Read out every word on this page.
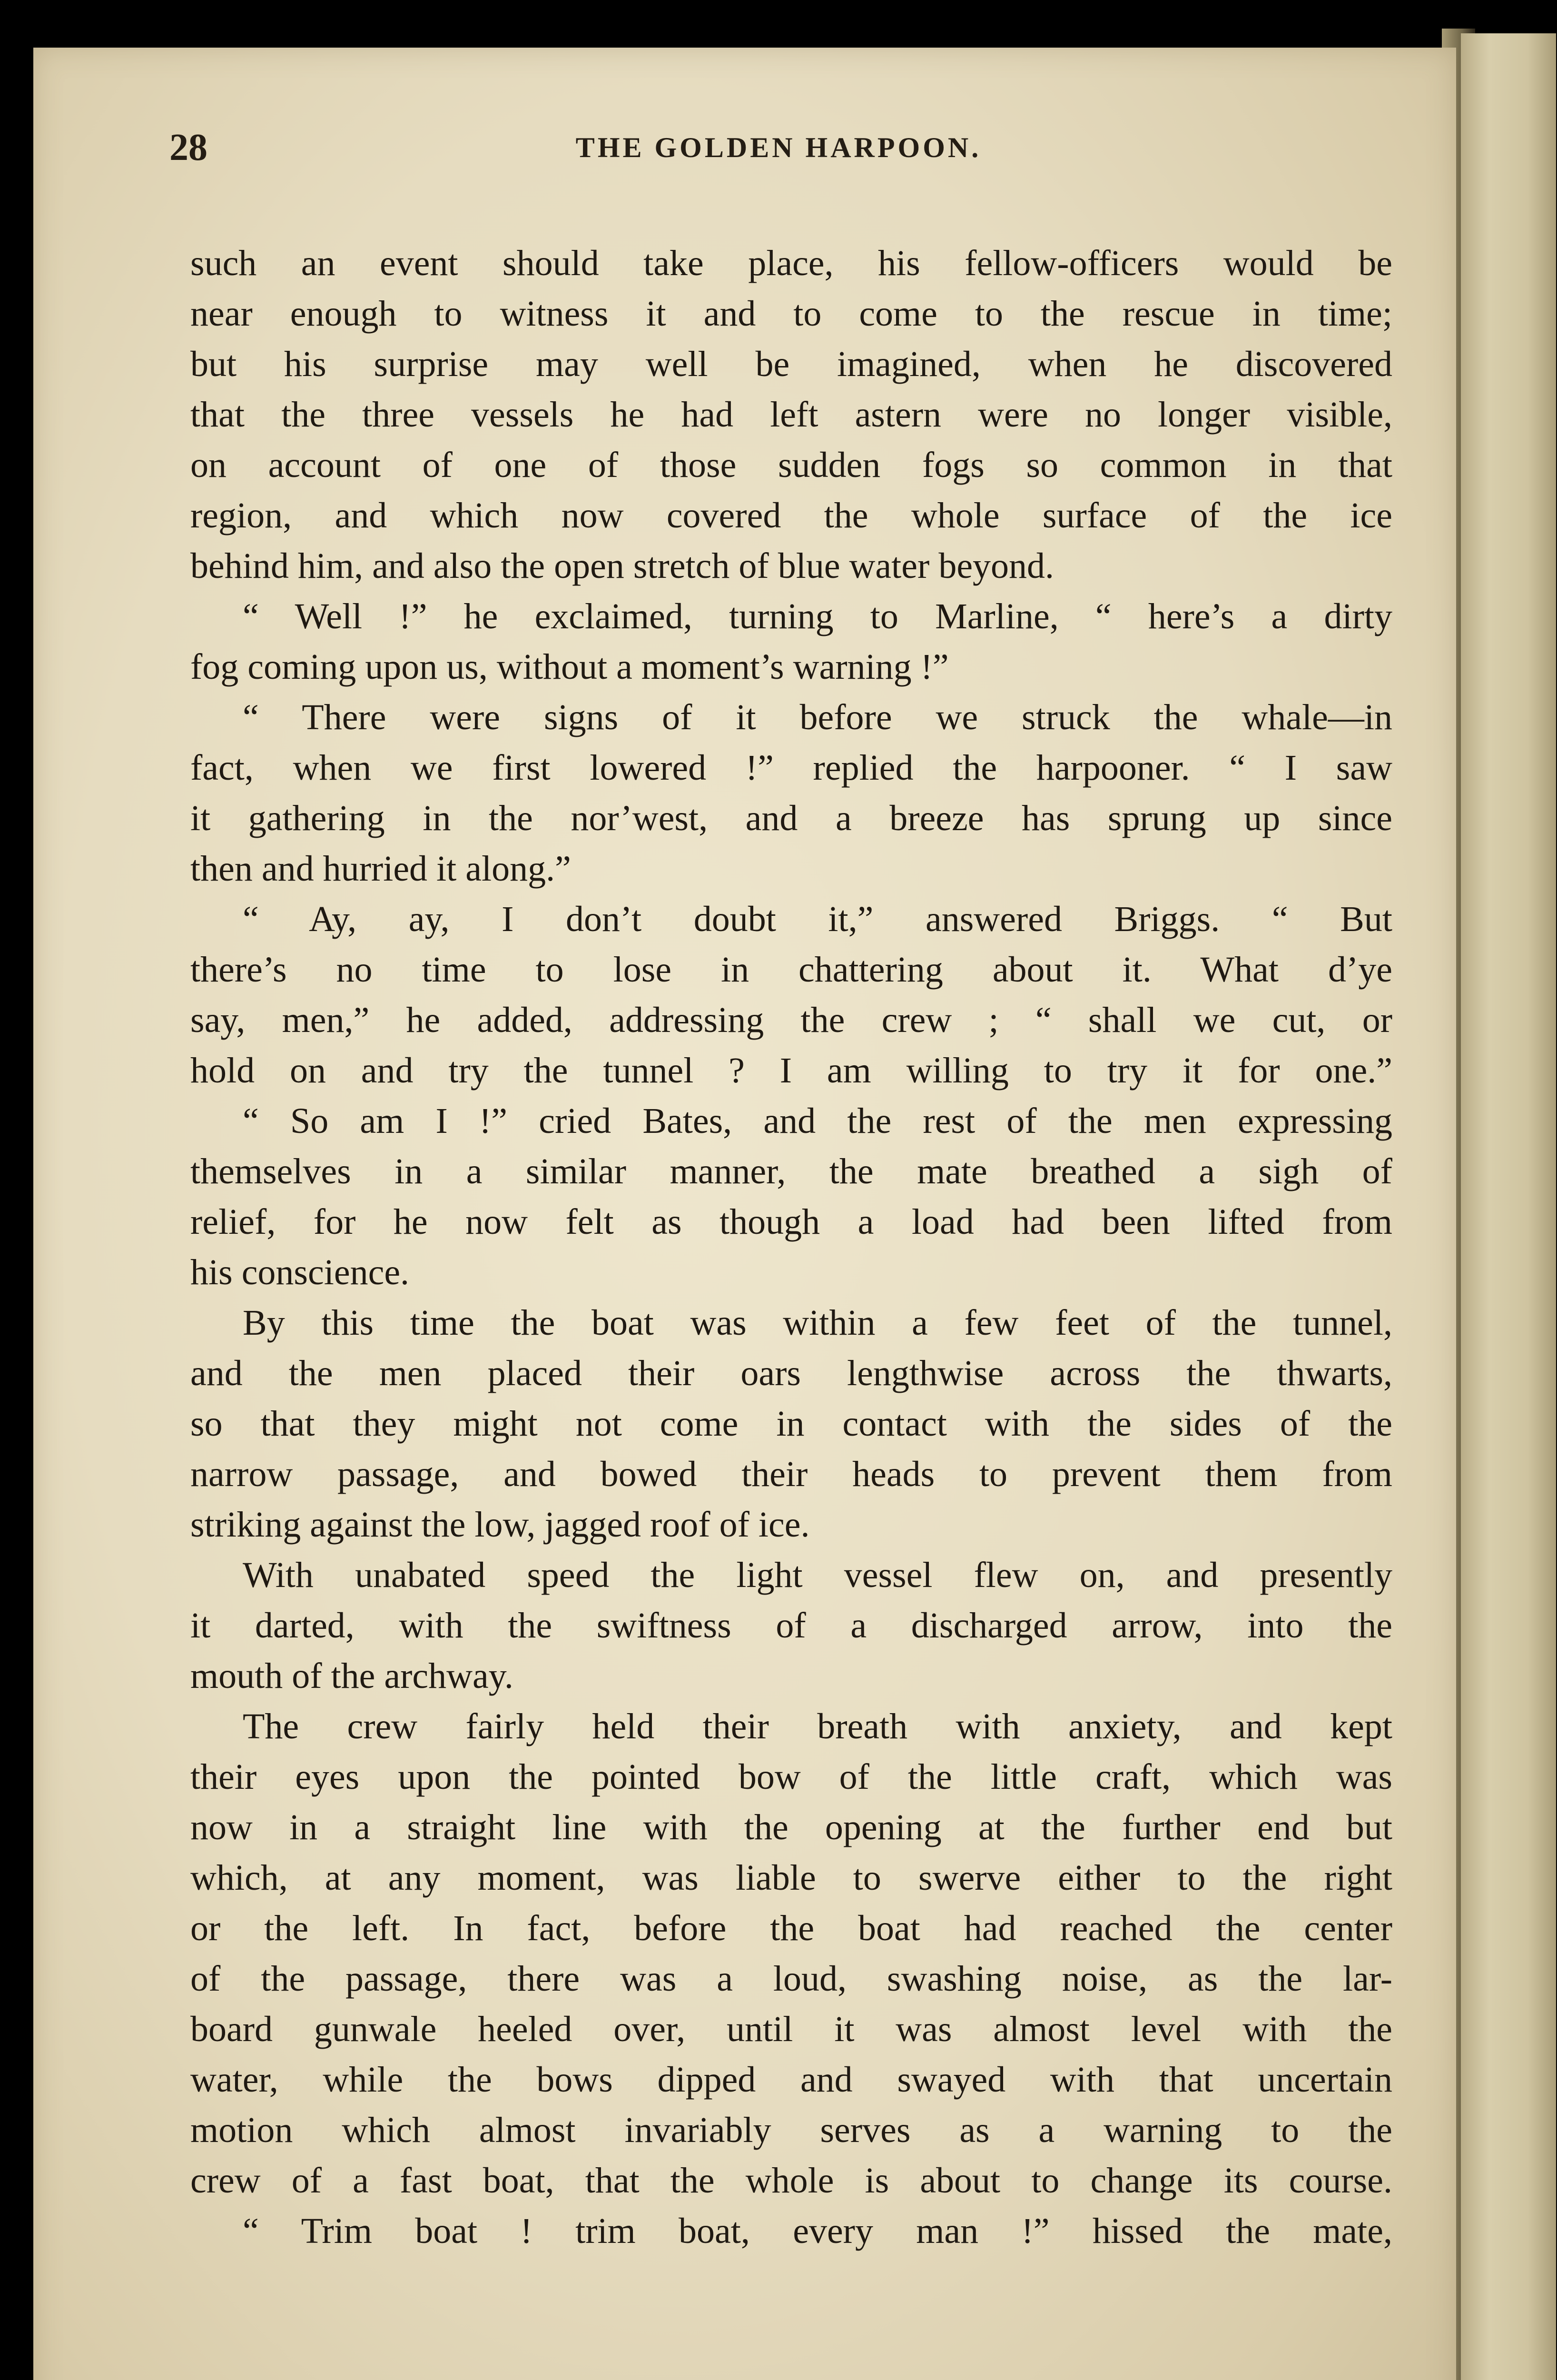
28	THE GOLDEN HARPOON.
such an event should take place, his fellow-officers would be
near enough to witness it and to come to the rescue in time;
but his surprise may well be imagined, when he discovered
that the three vessels he had left astern were no longer visible,
on account of one of those sudden fogs so common in that
region, and which now covered the whole surface of the ice
behind him, and also the open stretch of blue water beyond.
“ Well !” he exclaimed, turning to Marline, “ here’s a dirty
fog coming upon us, without a moment’s warning !”
“ There were signs of it before we struck the whale—in
fact, when we first lowered !” replied the harpooner. “ I saw
it gathering in the nor’west, and a breeze has sprung up since
then and hurried it along.”
“ Ay, ay, I don’t doubt it,” answered Briggs. “ But
there’s no time to lose in chattering about it. What d’ye
say, men,” he added, addressing the crew ; “ shall we cut, or
hold on and try the tunnel ? I am willing to try it for one.”
“ So am I !” cried Bates, and the rest of the men expressing
themselves in a similar manner, the mate breathed a sigh of
relief, for he now felt as though a load had been lifted from
his conscience.
By this time the boat was within a few feet of the tunnel,
and the men placed their oars lengthwise across the thwarts,
so that they might not come in contact with the sides of the
narrow passage, and bowed their heads to prevent them from
striking against the low, jagged roof of ice.
With unabated speed the light vessel flew on, and presently
it darted, with the swiftness of a discharged arrow, into the
mouth of the archway.
The crew fairly held their breath with anxiety, and kept
their eyes upon the pointed bow of the little craft, which was
now in a straight line with the opening at the further end but
which, at any moment, was liable to swerve either to the right
or the left. In fact, before the boat had reached the center
of the passage, there was a loud, swashing noise, as the lar-
board gunwale heeled over, until it was almost level with the
water, while the bows dipped and swayed with that uncertain
motion which almost invariably serves as a warning to the
crew of a fast boat, that the whole is about to change its course.
“ Trim boat ! trim boat, every man !” hissed the mate,
